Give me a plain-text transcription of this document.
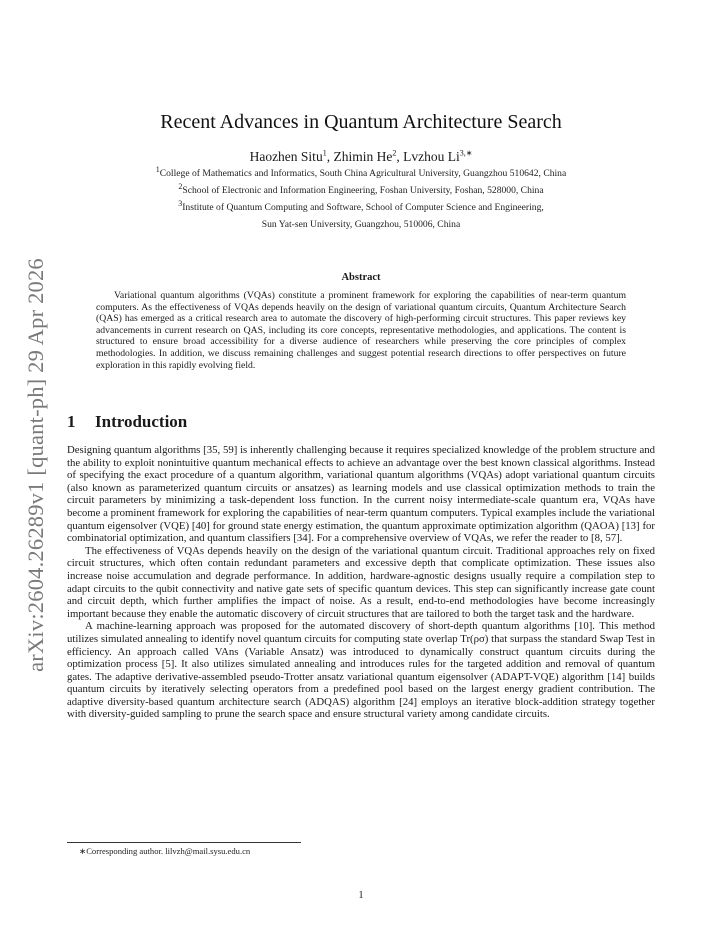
arXiv:2604.26289v1 [quant-ph] 29 Apr 2026
Recent Advances in Quantum Architecture Search
Haozhen Situ$^1$, Zhimin He$^2$, Lvzhou $Li^{3,∗}$
$^1$College of Mathematics and Informatics, South China Agricultural University, Guangzhou 510642, China
$^2$School of Electronic and Information Engineering, Foshan University, Foshan, 528000, China
$^3$Institute of Quantum Computing and Software, School of Computer Science and Engineering,
Sun Yat-sen University, Guangzhou, 510006, China
Abstract
Variational quantum algorithms (VQAs) constitute a prominent framework for exploring the capabilities of near-term quantum computers. As the effectiveness of VQAs depends heavily on the design of variational quantum circuits, Quantum Architecture Search (QAS) has emerged as a critical research area to automate the discovery of high-performing circuit structures. This paper reviews key advancements in current research on QAS, including its core concepts, representative methodologies, and applications. The content is structured to ensure broad accessibility for a diverse audience of researchers while preserving the core principles of complex methodologies. In addition, we discuss remaining challenges and suggest potential research directions to offer perspectives on future exploration in this rapidly evolving field.
1 Introduction

Designing quantum algorithms [35, 59] is inherently challenging because it requires specialized knowledge of the problem structure and the ability to exploit nonintuitive quantum mechanical effects to achieve an advantage over the best known classical algorithms. Instead of specifying the exact procedure of a quantum algorithm, variational quantum algorithms (VQAs) adopt variational quantum circuits (also known as parameterized quantum circuits or ansatzes) as learning models and use classical optimization methods to train the circuit parameters by minimizing a task-dependent loss function. In the current noisy intermediate-scale quantum era, VQAs have become a prominent framework for exploring the capabilities of near-term quantum computers. Typical examples include the variational quantum eigensolver (VQE) [40] for ground state energy estimation, the quantum approximate optimization algorithm (QAOA) [13] for combinatorial optimization, and quantum classifiers [34]. For a comprehensive overview of VQAs, we refer the reader to [8, 57].

The effectiveness of VQAs depends heavily on the design of the variational quantum circuit. Traditional approaches rely on fixed circuit structures, which often contain redundant parameters and excessive depth that complicate optimization. These issues also increase noise accumulation and degrade performance. In addition, hardware-agnostic designs usually require a compilation step to adapt circuits to the qubit connectivity and native gate sets of specific quantum devices. This step can significantly increase gate count and circuit depth, which further amplifies the impact of noise. As a result, end-to-end methodologies have become increasingly important because they enable the automatic discovery of circuit structures that are tailored to both the target task and the hardware.

A machine-learning approach was proposed for the automated discovery of short-depth quantum algorithms [10]. This method utilizes simulated annealing to identify novel quantum circuits for computing state overlap Tr(ρσ) that surpass the standard Swap Test in efficiency. An approach called VAns (Variable Ansatz) was introduced to dynamically construct quantum circuits during the optimization process [5]. It also utilizes simulated annealing and introduces rules for the targeted addition and removal of quantum gates. The adaptive derivative-assembled pseudo-Trotter ansatz variational quantum eigensolver (ADAPT-VQE) algorithm [14] builds quantum circuits by iteratively selecting operators from a predefined pool based on the largest energy gradient contribution. The adaptive diversity-based quantum architecture search (ADQAS) algorithm [24] employs an iterative block-addition strategy together with diversity-guided sampling to prune the search space and ensure structural variety among candidate circuits.

∗Corresponding author. lilvzh@mail.sysu.edu.cn
1
